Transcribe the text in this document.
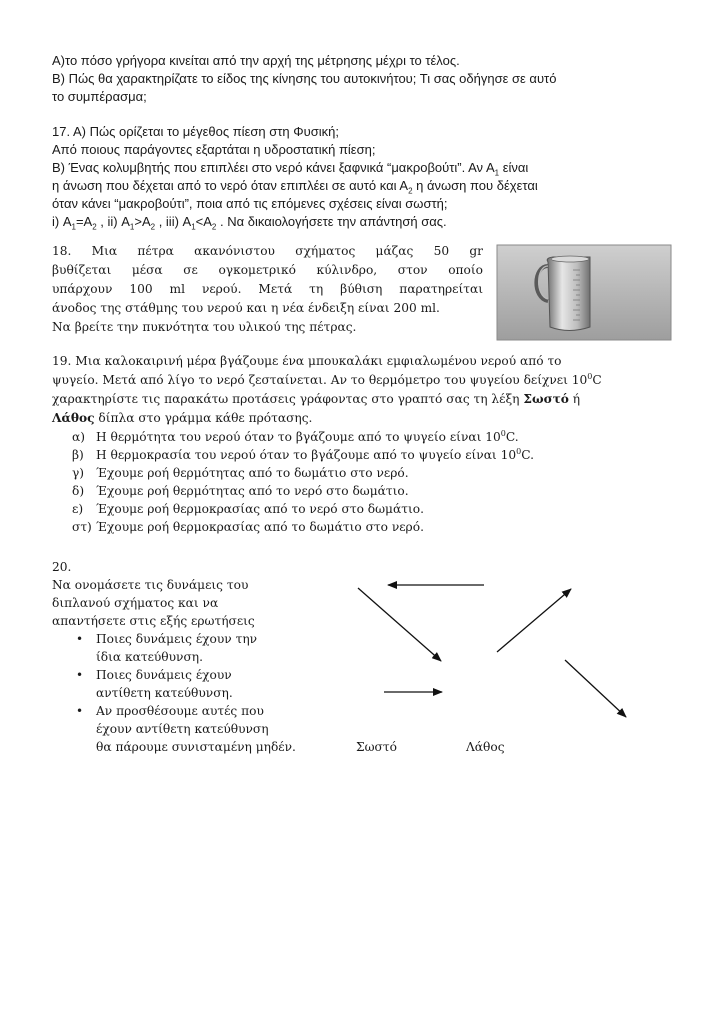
Α)το πόσο γρήγορα κινείται από την αρχή της μέτρησης μέχρι το τέλος.
Β) Πώς θα χαρακτηρίζατε το είδος της κίνησης του αυτοκινήτου; Τι σας οδήγησε σε αυτό
το συμπέρασμα;
17. Α) Πώς ορίζεται το μέγεθος πίεση στη Φυσική;
Από ποιους παράγοντες εξαρτάται η υδροστατική πίεση;
Β) Ένας κολυμβητής που επιπλέει στο νερό κάνει ξαφνικά “μακροβούτι”. Αν $A_1$ είναι
η άνωση που δέχεται από το νερό όταν επιπλέει σε αυτό και $A_2$ η άνωση που δέχεται
όταν κάνει “μακροβούτι”, ποια από τις επόμενες σχέσεις είναι σωστή;
i) $A_1=A_2$ , ii) $A_1>A_2$ , iii) $A_1<A_2$ . Να δικαιολογήσετε την απάντησή σας.
18. Μια πέτρα ακανόνιστου σχήματος μάζας 50 gr
βυθίζεται μέσα σε ογκομετρικό κύλινδρο, στον οποίο
υπάρχουν 100 ml νερού. Μετά τη βύθιση παρατηρείται
άνοδος της στάθμης του νερού και η νέα ένδειξη είναι 200 ml.
Να βρείτε την πυκνότητα του υλικού της πέτρας.
19. Μια καλοκαιρινή μέρα βγάζουμε ένα μπουκαλάκι εμφιαλωμένου νερού από το
ψυγείο. Μετά από λίγο το νερό ζεσταίνεται. Αν το θερμόμετρο του ψυγείου δείχνει $10^0C$
χαρακτηρίστε τις παρακάτω προτάσεις γράφοντας στο γραπτό σας τη λέξη Σωστό ή
Λάθος δίπλα στο γράμμα κάθε πρότασης.
α) Η θερμότητα του νερού όταν το βγάζουμε από το ψυγείο είναι $10^0C$.
β) Η θερμοκρασία του νερού όταν το βγάζουμε από το ψυγείο είναι $10^0C$.
γ) Έχουμε ροή θερμότητας από το δωμάτιο στο νερό.
δ) Έχουμε ροή θερμότητας από το νερό στο δωμάτιο.
ε) Έχουμε ροή θερμοκρασίας από το νερό στο δωμάτιο.
στ) Έχουμε ροή θερμοκρασίας από το δωμάτιο στο νερό.
20.
Να ονομάσετε τις δυνάμεις του
διπλανού σχήματος και να
απαντήσετε στις εξής ερωτήσεις
• Ποιες δυνάμεις έχουν την
ίδια κατεύθυνση.
• Ποιες δυνάμεις έχουν
αντίθετη κατεύθυνση.
• Αν προσθέσουμε αυτές που
έχουν αντίθετη κατεύθυνση
θα πάρουμε συνισταμένη μηδέν.	Σωστό	Λάθος
